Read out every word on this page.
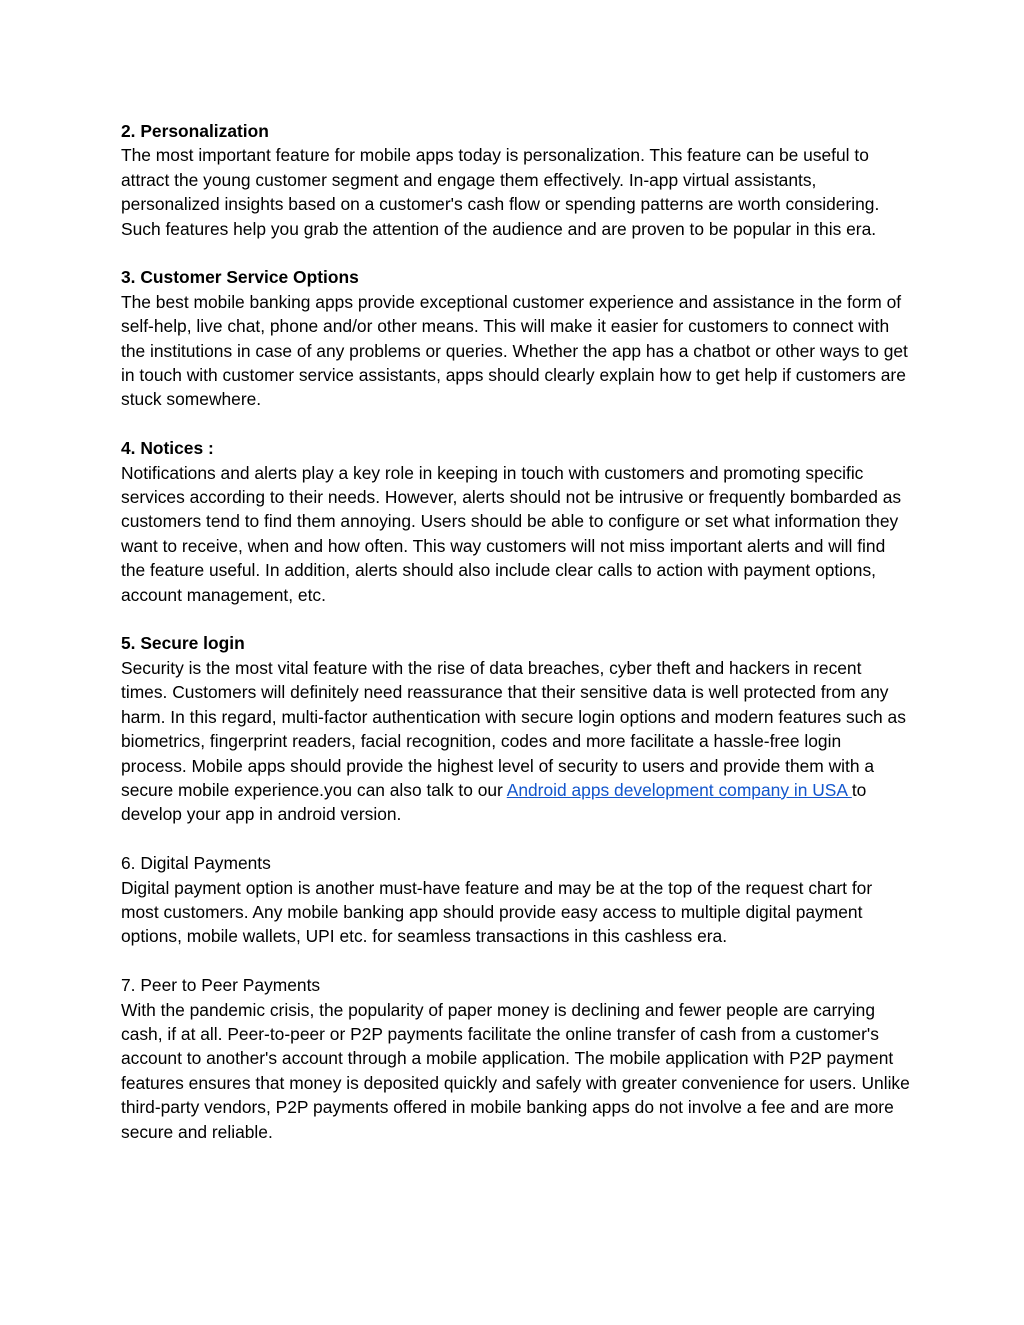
2. Personalization

The most important feature for mobile apps today is personalization. This feature can be useful to attract the young customer segment and engage them effectively. In-app virtual assistants, personalized insights based on a customer's cash flow or spending patterns are worth considering. Such features help you grab the attention of the audience and are proven to be popular in this era.

3. Customer Service Options

The best mobile banking apps provide exceptional customer experience and assistance in the form of self-help, live chat, phone and/or other means. This will make it easier for customers to connect with the institutions in case of any problems or queries. Whether the app has a chatbot or other ways to get in touch with customer service assistants, apps should clearly explain how to get help if customers are stuck somewhere.

4. Notices :

Notifications and alerts play a key role in keeping in touch with customers and promoting specific services according to their needs. However, alerts should not be intrusive or frequently bombarded as customers tend to find them annoying. Users should be able to configure or set what information they want to receive, when and how often. This way customers will not miss important alerts and will find the feature useful. In addition, alerts should also include clear calls to action with payment options, account management, etc.

5. Secure login

Security is the most vital feature with the rise of data breaches, cyber theft and hackers in recent times. Customers will definitely need reassurance that their sensitive data is well protected from any harm. In this regard, multi-factor authentication with secure login options and modern features such as biometrics, fingerprint readers, facial recognition, codes and more facilitate a hassle-free login process. Mobile apps should provide the highest level of security to users and provide them with a secure mobile experience.you can also talk to our Android apps development company in USA to develop your app in android version.

6. Digital Payments

Digital payment option is another must-have feature and may be at the top of the request chart for most customers. Any mobile banking app should provide easy access to multiple digital payment options, mobile wallets, UPI etc. for seamless transactions in this cashless era.

7. Peer to Peer Payments

With the pandemic crisis, the popularity of paper money is declining and fewer people are carrying cash, if at all. Peer-to-peer or P2P payments facilitate the online transfer of cash from a customer's account to another's account through a mobile application. The mobile application with P2P payment features ensures that money is deposited quickly and safely with greater convenience for users. Unlike third-party vendors, P2P payments offered in mobile banking apps do not involve a fee and are more secure and reliable.
